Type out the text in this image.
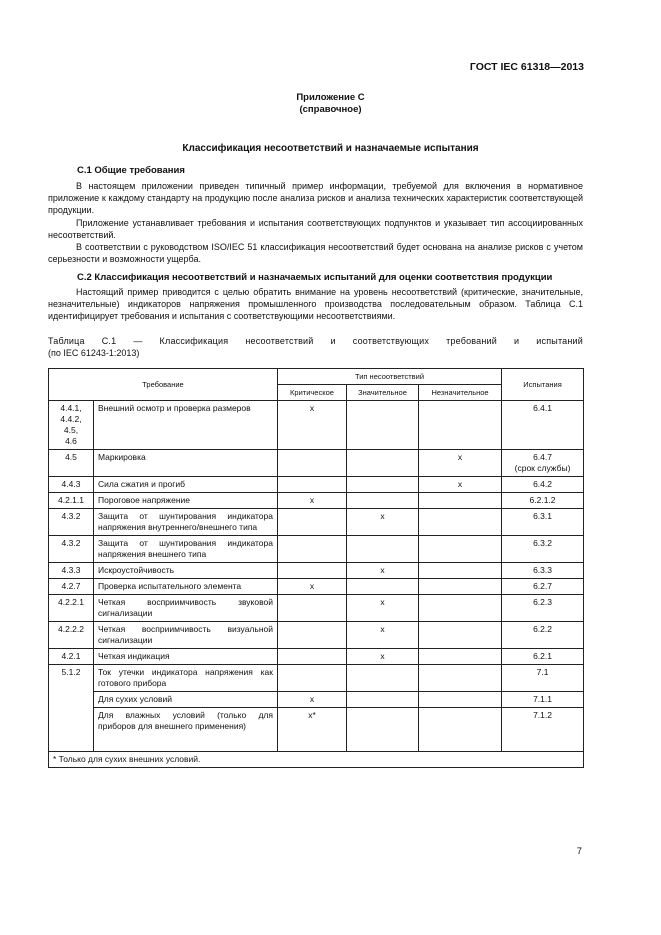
ГОСТ IEC 61318—2013
Приложение С
(справочное)
Классификация несоответствий и назначаемые испытания
С.1 Общие требования

В настоящем приложении приведен типичный пример информации, требуемой для включения в нормативное приложение к каждому стандарту на продукцию после анализа рисков и анализа технических характеристик соответствующей продукции.

Приложение устанавливает требования и испытания соответствующих подпунктов и указывает тип ассоциированных несоответствий.

В соответствии с руководством ISO/IEC 51 классификация несоответствий будет основана на анализе рисков с учетом серьезности и возможности ущерба.

С.2 Классификация несоответствий и назначаемых испытаний для оценки соответствия продукции

Настоящий пример приводится с целью обратить внимание на уровень несоответствий (критические, значительные, незначительные) индикаторов напряжения промышленного производства последовательным образом. Таблица С.1 идентифицирует требования и испытания с соответствующими несоответствиями.

Таблица С.1 — Классификация несоответствий и соответствующих требований и испытаний
(по IEC 61243-1:2013)
Требование		Тип несоответствий			Испытания
		Критическое	Значительное	Незначительное	
4.4.1,
4.4.2,
4.5,
4.6	Внешний осмотр и проверка размеров	x			6.4.1
4.5	Маркировка			x	6.4.7
(срок службы)
4.4.3	Сила сжатия и прогиб			x	6.4.2
4.2.1.1	Пороговое напряжение	x			6.2.1.2
4.3.2	Защита от шунтирования индикатора напряжения внутреннего/внешнего типа		x		6.3.1
4.3.2	Защита от шунтирования индикатора напряжения внешнего типа				6.3.2
4.3.3	Искроустойчивость		x		6.3.3
4.2.7	Проверка испытательного элемента	x			6.2.7
4.2.2.1	Четкая восприимчивость звуковой сигнализации		x		6.2.3
4.2.2.2	Четкая восприимчивость визуальной сигнализации		x		6.2.2
4.2.1	Четкая индикация		x		6.2.1
5.1.2	Ток утечки индикатора напряжения как готового прибора				7.1
	Для сухих условий	x			7.1.1
	Для влажных условий (только для приборов для внешнего применения)	x*			7.1.2
* Только для сухих внешних условий.					
7
